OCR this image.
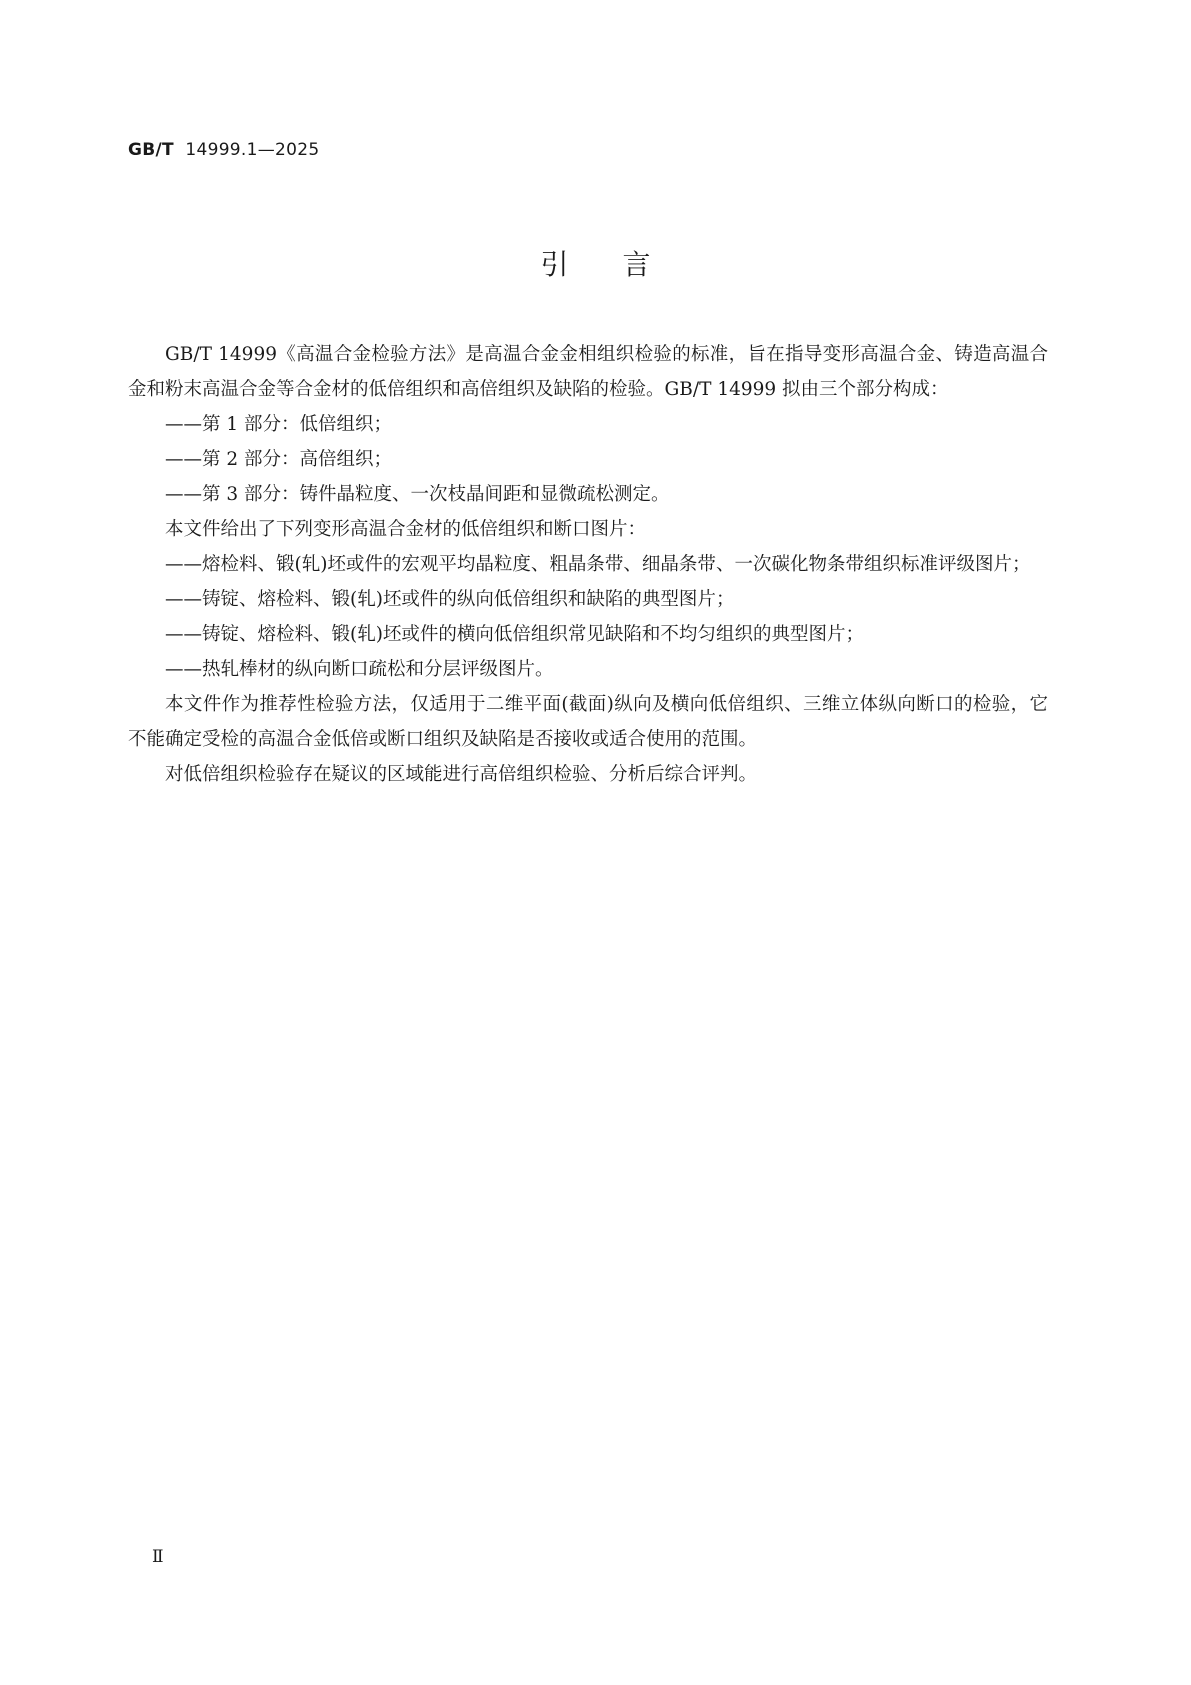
GB/T 14999.1—2025
引言

GB/T 14999《高温合金检验方法》是高温合金金相组织检验的标准，旨在指导变形高温合金、铸造高温合金和粉末高温合金等合金材的低倍组织和高倍组织及缺陷的检验。GB/T 14999 拟由三个部分构成：

——第 1 部分：低倍组织；

——第 2 部分：高倍组织；

——第 3 部分：铸件晶粒度、一次枝晶间距和显微疏松测定。

本文件给出了下列变形高温合金材的低倍组织和断口图片：

——熔检料、锻(轧)坯或件的宏观平均晶粒度、粗晶条带、细晶条带、一次碳化物条带组织标准评级图片；

——铸锭、熔检料、锻(轧)坯或件的纵向低倍组织和缺陷的典型图片；

——铸锭、熔检料、锻(轧)坯或件的横向低倍组织常见缺陷和不均匀组织的典型图片；

——热轧棒材的纵向断口疏松和分层评级图片。

本文件作为推荐性检验方法，仅适用于二维平面(截面)纵向及横向低倍组织、三维立体纵向断口的检验，它不能确定受检的高温合金低倍或断口组织及缺陷是否接收或适合使用的范围。

对低倍组织检验存在疑议的区域能进行高倍组织检验、分析后综合评判。

Ⅱ
